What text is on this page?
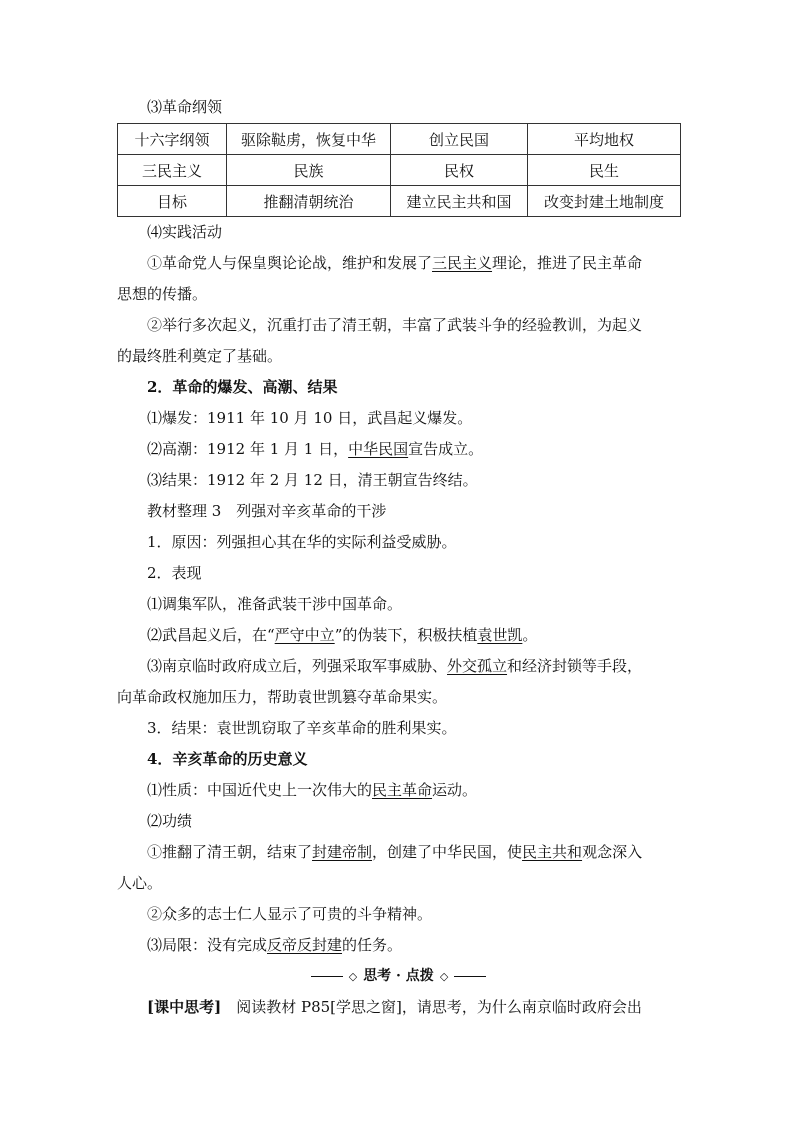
⑶革命纲领
十六字纲领	驱除鞑虏，恢复中华	创立民国	平均地权
三民主义	民族	民权	民生
目标	推翻清朝统治	建立民主共和国	改变封建土地制度
⑷实践活动
①革命党人与保皇舆论论战，维护和发展了三民主义理论，推进了民主革命
思想的传播。
②举行多次起义，沉重打击了清王朝，丰富了武装斗争的经验教训，为起义
的最终胜利奠定了基础。
2．革命的爆发、高潮、结果
⑴爆发：1911 年 10 月 10 日，武昌起义爆发。
⑵高潮：1912 年 1 月 1 日，中华民国宣告成立。
⑶结果：1912 年 2 月 12 日，清王朝宣告终结。
教材整理 3　列强对辛亥革命的干涉
1．原因：列强担心其在华的实际利益受威胁。
2．表现
⑴调集军队，准备武装干涉中国革命。
⑵武昌起义后，在“严守中立”的伪装下，积极扶植袁世凯。
⑶南京临时政府成立后，列强采取军事威胁、外交孤立和经济封锁等手段，
向革命政权施加压力，帮助袁世凯篡夺革命果实。
3．结果：袁世凯窃取了辛亥革命的胜利果实。
4．辛亥革命的历史意义
⑴性质：中国近代史上一次伟大的民主革命运动。
⑵功绩
①推翻了清王朝，结束了封建帝制，创建了中华民国，使民主共和观念深入
人心。
②众多的志士仁人显示了可贵的斗争精神。
⑶局限：没有完成反帝反封建的任务。
◇ 思考 · 点拨 ◇
[课中思考]　阅读教材 P85[学思之窗]，请思考，为什么南京临时政府会出
